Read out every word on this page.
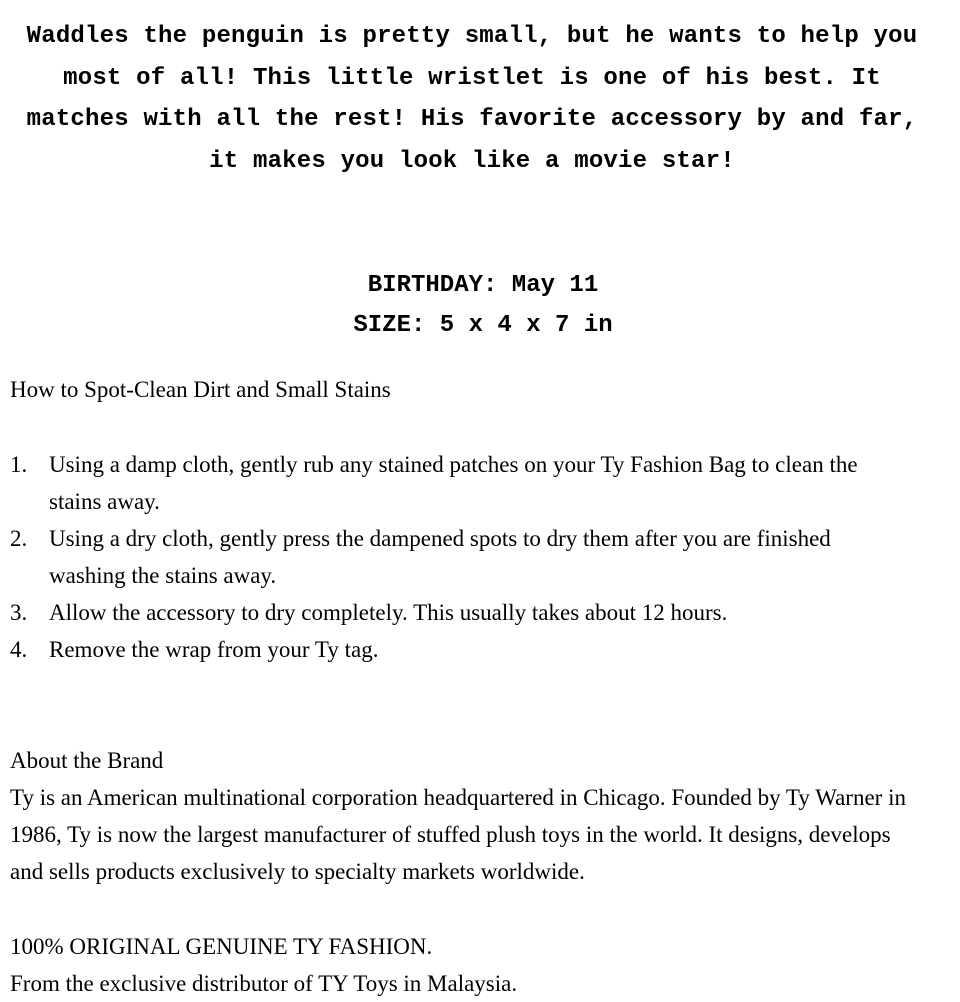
Waddles the penguin is pretty small, but he wants to help you most of all! This little wristlet is one of his best. It matches with all the rest! His favorite accessory by and far, it makes you look like a movie star!

BIRTHDAY: May 11
SIZE: 5 x 4 x 7 in

How to Spot-Clean Dirt and Small Stains

1. Using a damp cloth, gently rub any stained patches on your Ty Fashion Bag to clean the stains away.
2. Using a dry cloth, gently press the dampened spots to dry them after you are finished washing the stains away.
3. Allow the accessory to dry completely. This usually takes about 12 hours.
4. Remove the wrap from your Ty tag.

About the Brand

Ty is an American multinational corporation headquartered in Chicago. Founded by Ty Warner in 1986, Ty is now the largest manufacturer of stuffed plush toys in the world. It designs, develops and sells products exclusively to specialty markets worldwide.

100% ORIGINAL GENUINE TY FASHION.

From the exclusive distributor of TY Toys in Malaysia.
